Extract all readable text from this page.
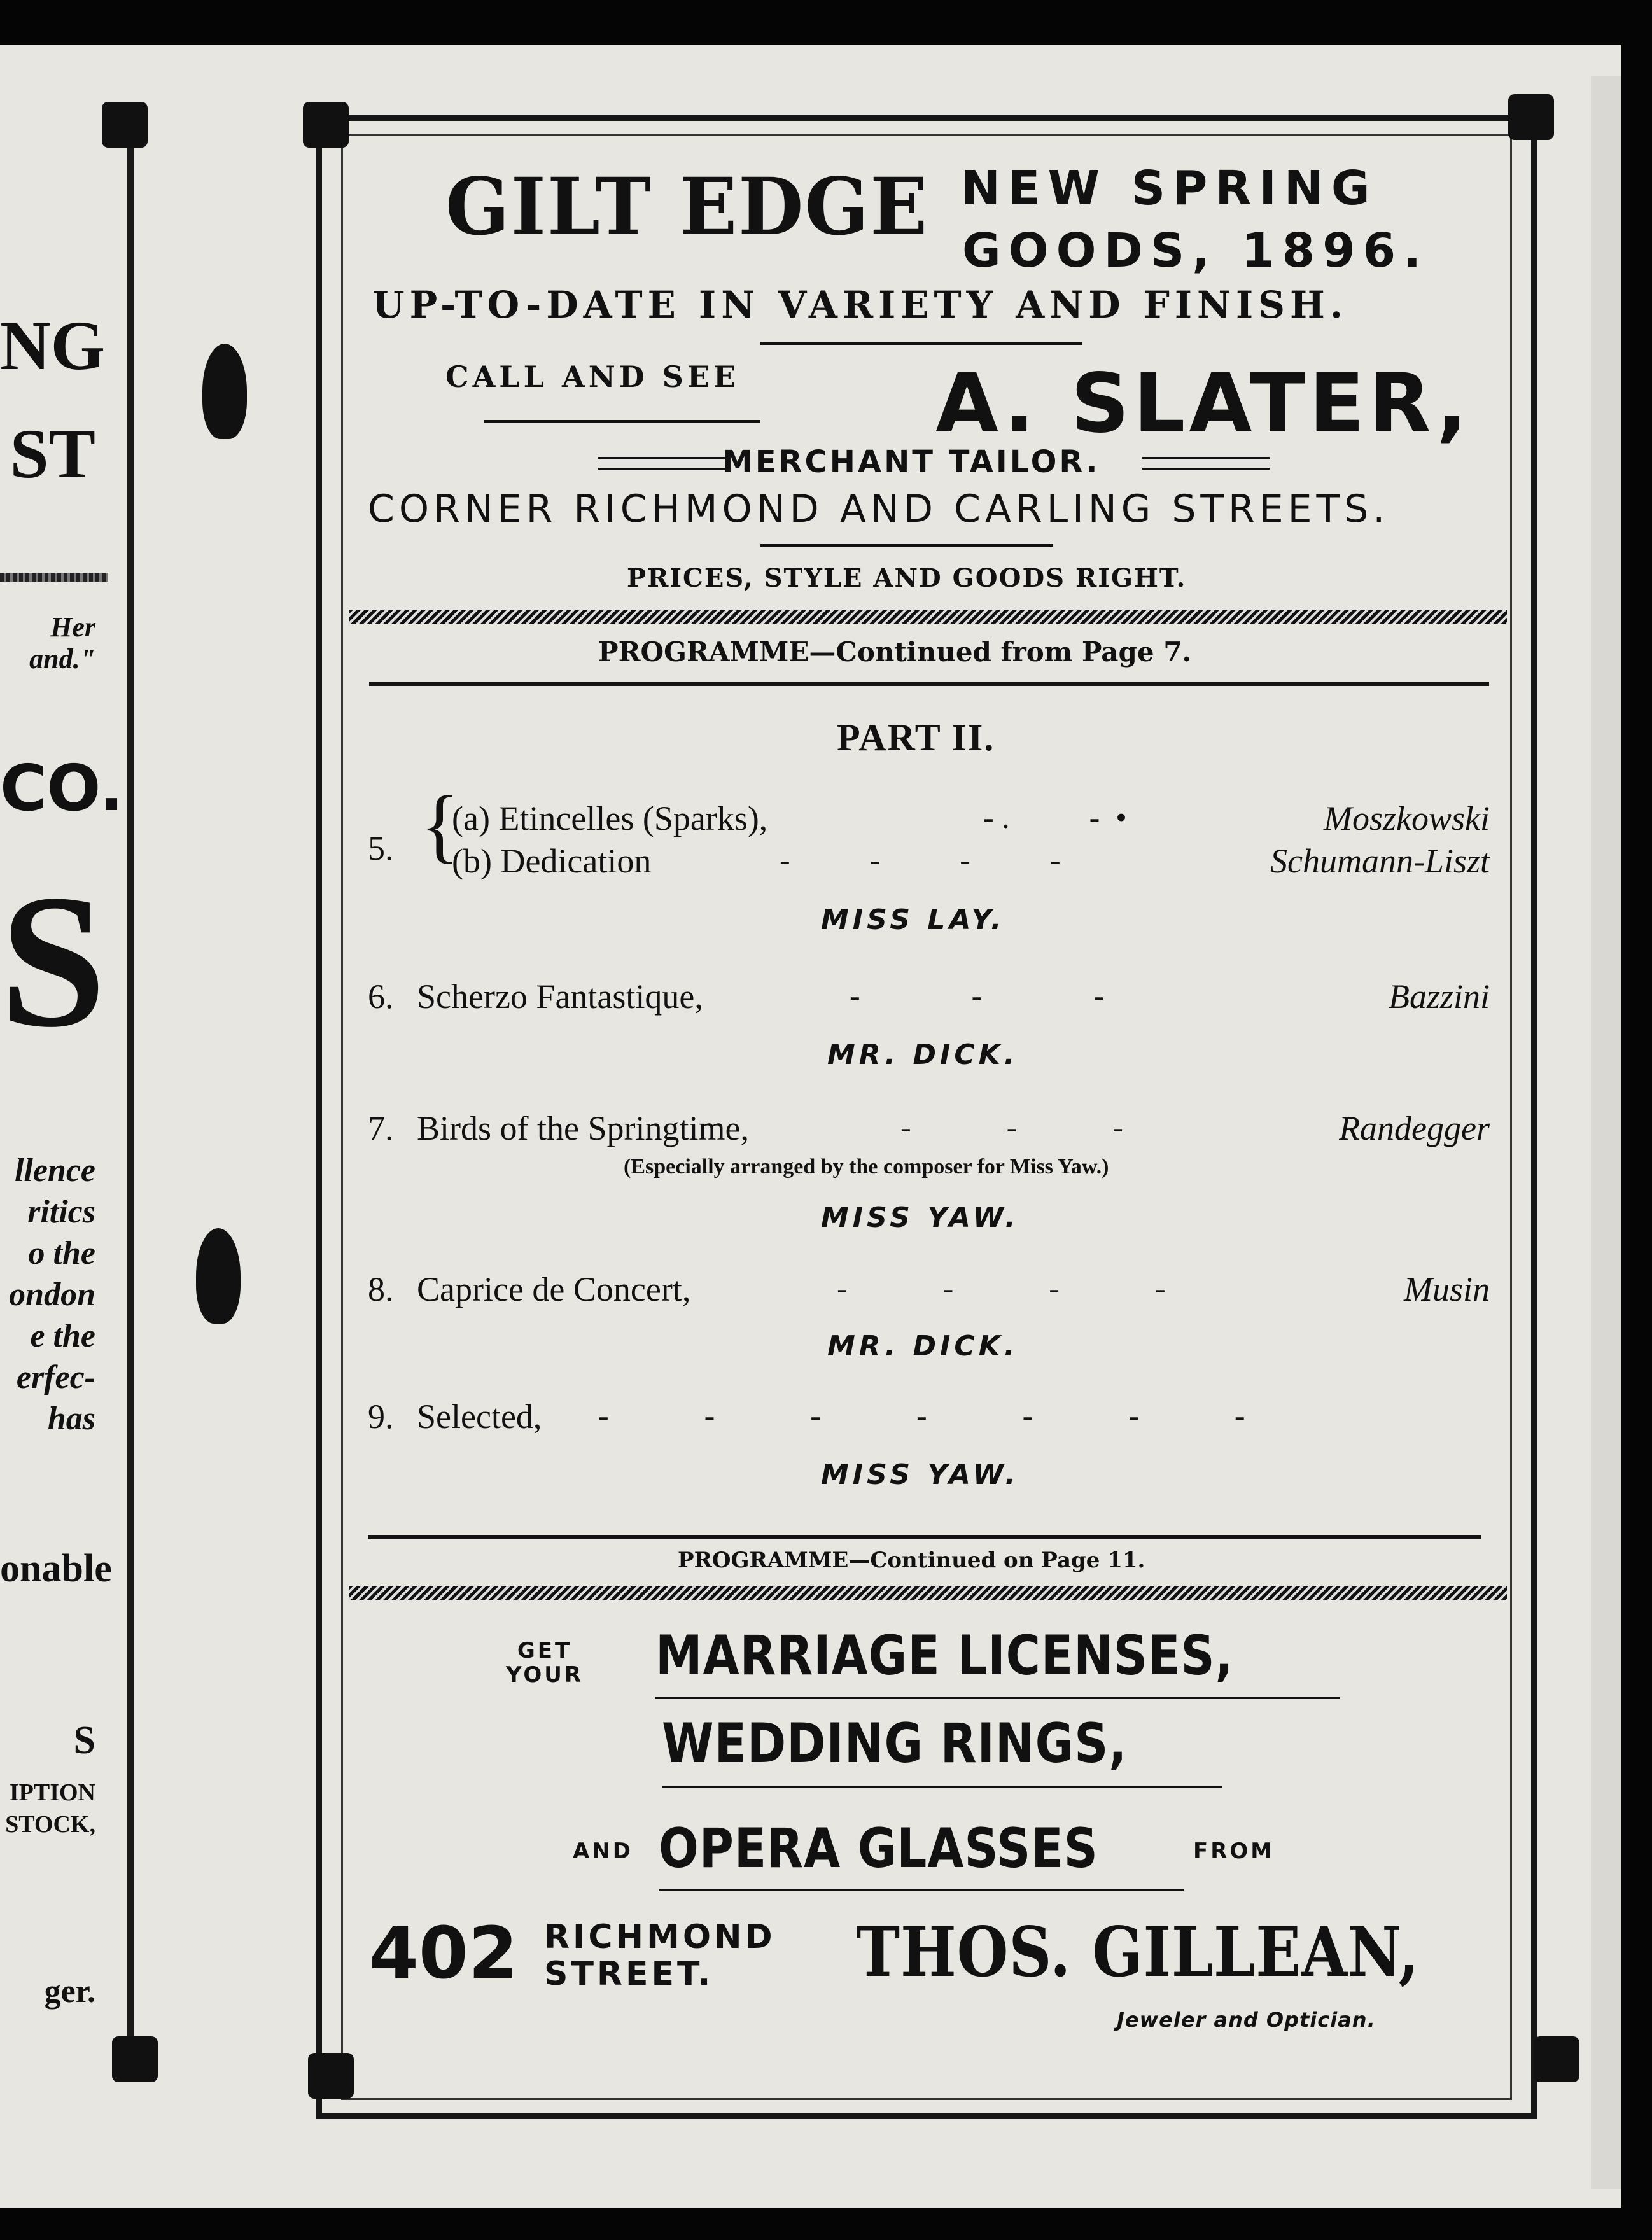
NG
ST
Her
and."
CO.
S
llence
ritics
o the
ondon
e the
erfec-
has
onable
S
IPTION
STOCK,
ger.
GILT EDGE NEW SPRING
GOODS, 1896.
UP-TO-DATE IN VARIETY AND FINISH.
CALL AND SEE A. SLATER,
MERCHANT TAILOR.
CORNER RICHMOND AND CARLING STREETS.
PRICES, STYLE AND GOODS RIGHT.
PROGRAMME—Continued from Page 7.
PART II.
5. {
(a) Etincelles (Sparks),	- .          -  •	Moszkowski
(b) Dedication	-          -          -          -	Schumann-Liszt
MISS LAY.
6. Scherzo Fantastique,	-              -              -	Bazzini
MR. DICK.
7. Birds of the Springtime,	-            -            -	Randegger
(Especially arranged by the composer for Miss Yaw.)
MISS YAW.
8. Caprice de Concert,	-            -            -            -	Musin
MR. DICK.
9. Selected, -            -            -            -            -            -            -
MISS YAW.
PROGRAMME—Continued on Page 11.
GET
YOUR MARRIAGE LICENSES,
WEDDING RINGS,
AND OPERA GLASSES	FROM
402 RICHMOND
STREET.	THOS. GILLEAN,
Jeweler and Optician.
